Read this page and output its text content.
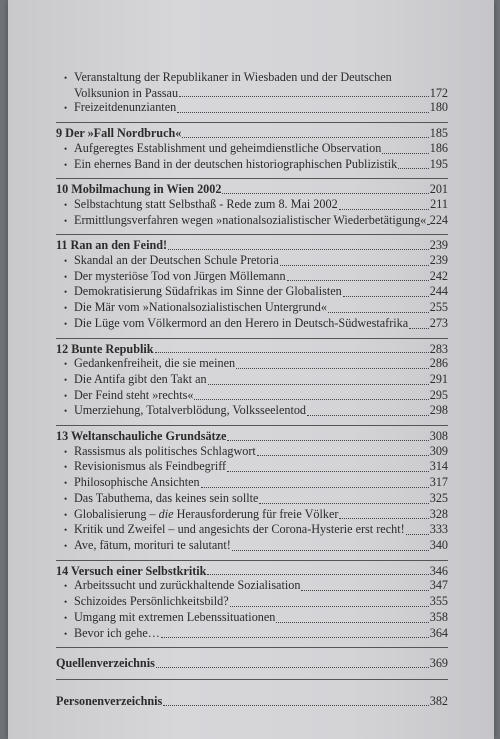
• Veranstaltung der Republikaner in Wiesbaden und der Deutschen
Volksunion in Passau	172
• Freizeitdenunzianten	180
9 Der »Fall Nordbruch«	185
• Aufgeregtes Establishment und geheimdienstliche Observation	186
• Ein ehernes Band in der deutschen historiographischen Publizistik	195
10 Mobilmachung in Wien 2002	201
• Selbstachtung statt Selbsthaß - Rede zum 8. Mai 2002	211
• Ermittlungsverfahren wegen »nationalsozialistischer Wiederbetätigung« 224
11 Ran an den Feind!	239
• Skandal an der Deutschen Schule Pretoria	239
• Der mysteriöse Tod von Jürgen Möllemann	242
• Demokratisierung Südafrikas im Sinne der Globalisten	244
• Die Mär vom »Nationalsozialistischen Untergrund«	255
• Die Lüge vom Völkermord an den Herero in Deutsch-Südwestafrika 273
12 Bunte Republik	283
• Gedankenfreiheit, die sie meinen	286
• Die Antifa gibt den Takt an	291
• Der Feind steht »rechts«	295
• Umerziehung, Totalverblödung, Volksseelentod	298
13 Weltanschauliche Grundsätze	308
• Rassismus als politisches Schlagwort	309
• Revisionismus als Feindbegriff	314
• Philosophische Ansichten	317
• Das Tabuthema, das keines sein sollte	325
• Globalisierung – die Herausforderung für freie Völker	328
• Kritik und Zweifel – und angesichts der Corona-Hysterie erst recht! 333
• Ave, fātum, morituri te salutant!	340
14 Versuch einer Selbstkritik	346
• Arbeitssucht und zurückhaltende Sozialisation	347
• Schizoides Persönlichkeitsbild?	355
• Umgang mit extremen Lebenssituationen	358
• Bevor ich gehe…	364
Quellenverzeichnis	369
Personenverzeichnis	382
